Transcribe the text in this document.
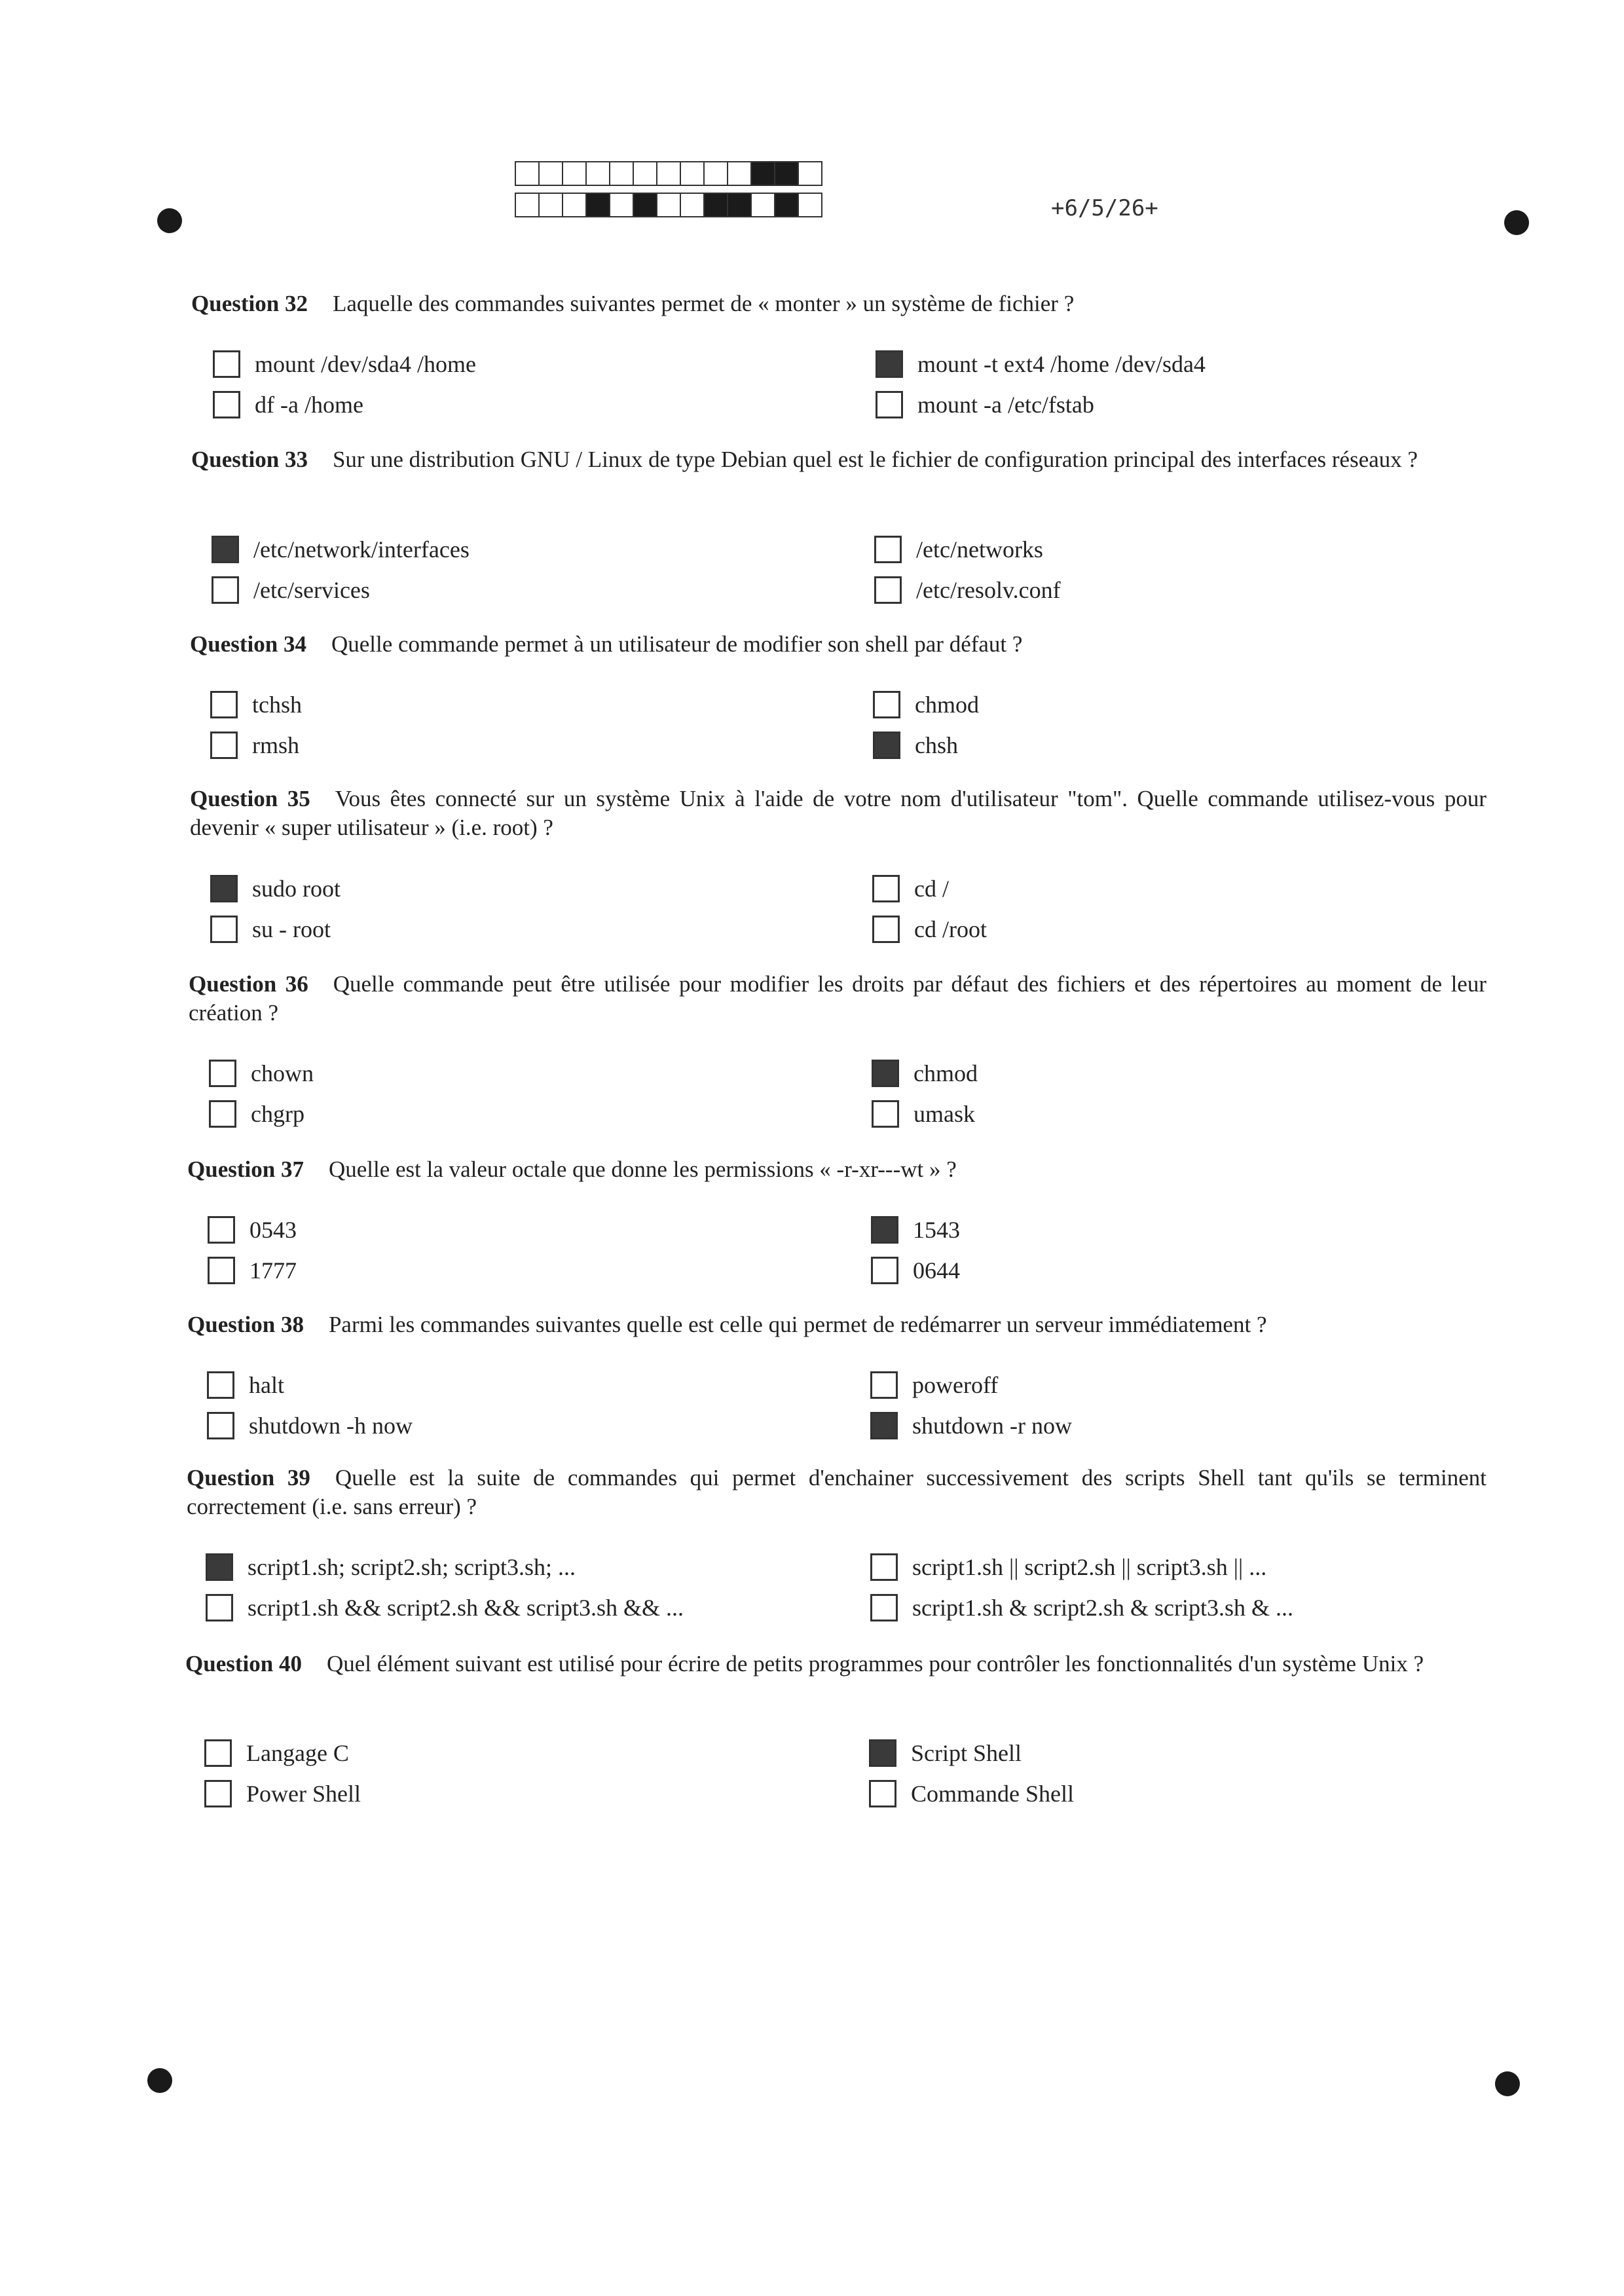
+6/5/26+
Question 32 Laquelle des commandes suivantes permet de « monter » un système de fichier ?
mount /dev/sda4 /home
df -a /home
mount -t ext4 /home /dev/sda4
mount -a /etc/fstab
Question 33 Sur une distribution GNU / Linux de type Debian quel est le fichier de configuration principal des interfaces réseaux ?
/etc/network/interfaces
/etc/services
/etc/networks
/etc/resolv.conf
Question 34 Quelle commande permet à un utilisateur de modifier son shell par défaut ?
tchsh
rmsh
chmod
chsh
Question 35 Vous êtes connecté sur un système Unix à l'aide de votre nom d'utilisateur "tom". Quelle commande utilisez-vous pour devenir « super utilisateur » (i.e. root) ?
sudo root
su - root
cd /
cd /root
Question 36 Quelle commande peut être utilisée pour modifier les droits par défaut des fichiers et des répertoires au moment de leur création ?
chown
chgrp
chmod
umask
Question 37 Quelle est la valeur octale que donne les permissions « -r-xr---wt » ?
0543
1777
1543
0644
Question 38 Parmi les commandes suivantes quelle est celle qui permet de redémarrer un serveur immédiatement ?
halt
shutdown -h now
poweroff
shutdown -r now
Question 39 Quelle est la suite de commandes qui permet d'enchainer successivement des scripts Shell tant qu'ils se terminent correctement (i.e. sans erreur) ?
script1.sh; script2.sh; script3.sh; ...
script1.sh && script2.sh && script3.sh && ...
script1.sh || script2.sh || script3.sh || ...
script1.sh & script2.sh & script3.sh & ...
Question 40 Quel élément suivant est utilisé pour écrire de petits programmes pour contrôler les fonctionnalités d'un système Unix ?
Langage C
Power Shell
Script Shell
Commande Shell
